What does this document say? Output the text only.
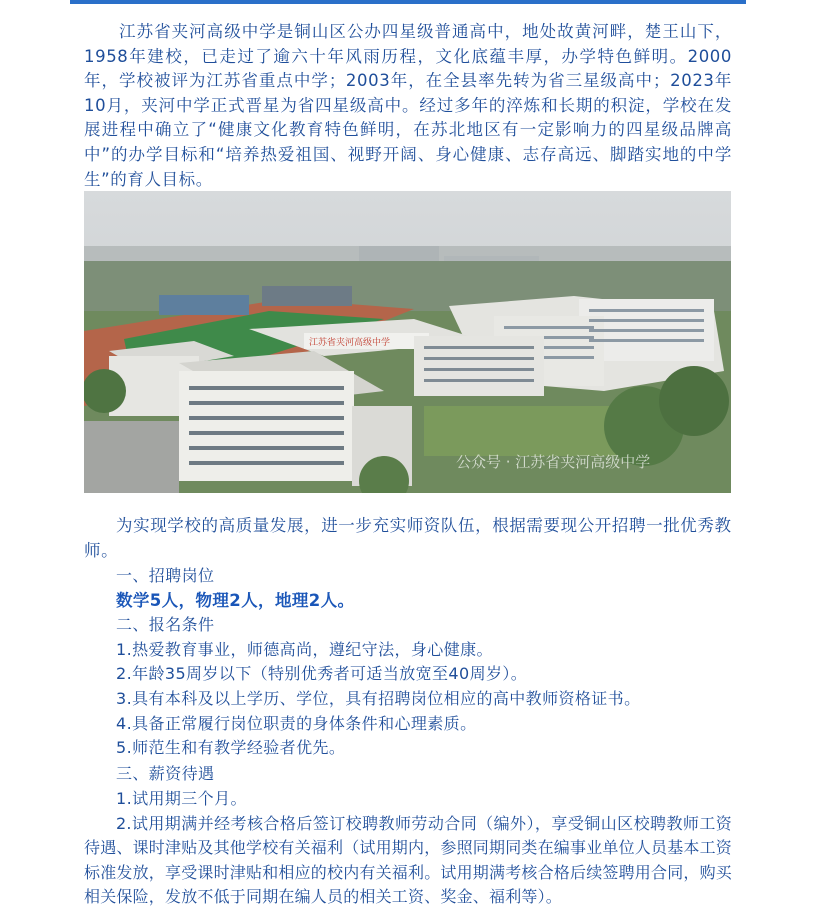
　　江苏省夹河高级中学是铜山区公办四星级普通高中，地处故黄河畔，楚王山下，1958年建校，已走过了逾六十年风雨历程，文化底蕴丰厚，办学特色鲜明。2000年，学校被评为江苏省重点中学；2003年，在全县率先转为省三星级高中；2023年10月，夹河中学正式晋星为省四星级高中。经过多年的淬炼和长期的积淀，学校在发展进程中确立了“健康文化教育特色鲜明，在苏北地区有一定影响力的四星级品牌高中”的办学目标和“培养热爱祖国、视野开阔、身心健康、志存高远、脚踏实地的中学生”的育人目标。

江苏省夹河高级中学
公众号 · 江苏省夹河高级中学

为实现学校的高质量发展，进一步充实师资队伍，根据需要现公开招聘一批优秀教师。

一、招聘岗位

数学5人，物理2人，地理2人。

二、报名条件

1.热爱教育事业，师德高尚，遵纪守法，身心健康。

2.年龄35周岁以下（特别优秀者可适当放宽至40周岁）。

3.具有本科及以上学历、学位，具有招聘岗位相应的高中教师资格证书。

4.具备正常履行岗位职责的身体条件和心理素质。

5.师范生和有教学经验者优先。

三、薪资待遇

1.试用期三个月。

2.试用期满并经考核合格后签订校聘教师劳动合同（编外），享受铜山区校聘教师工资待遇、课时津贴及其他学校有关福利（试用期内，参照同期同类在编事业单位人员基本工资标准发放，享受课时津贴和相应的校内有关福利。试用期满考核合格后续签聘用合同，购买相关保险，发放不低于同期在编人员的相关工资、奖金、福利等）。
